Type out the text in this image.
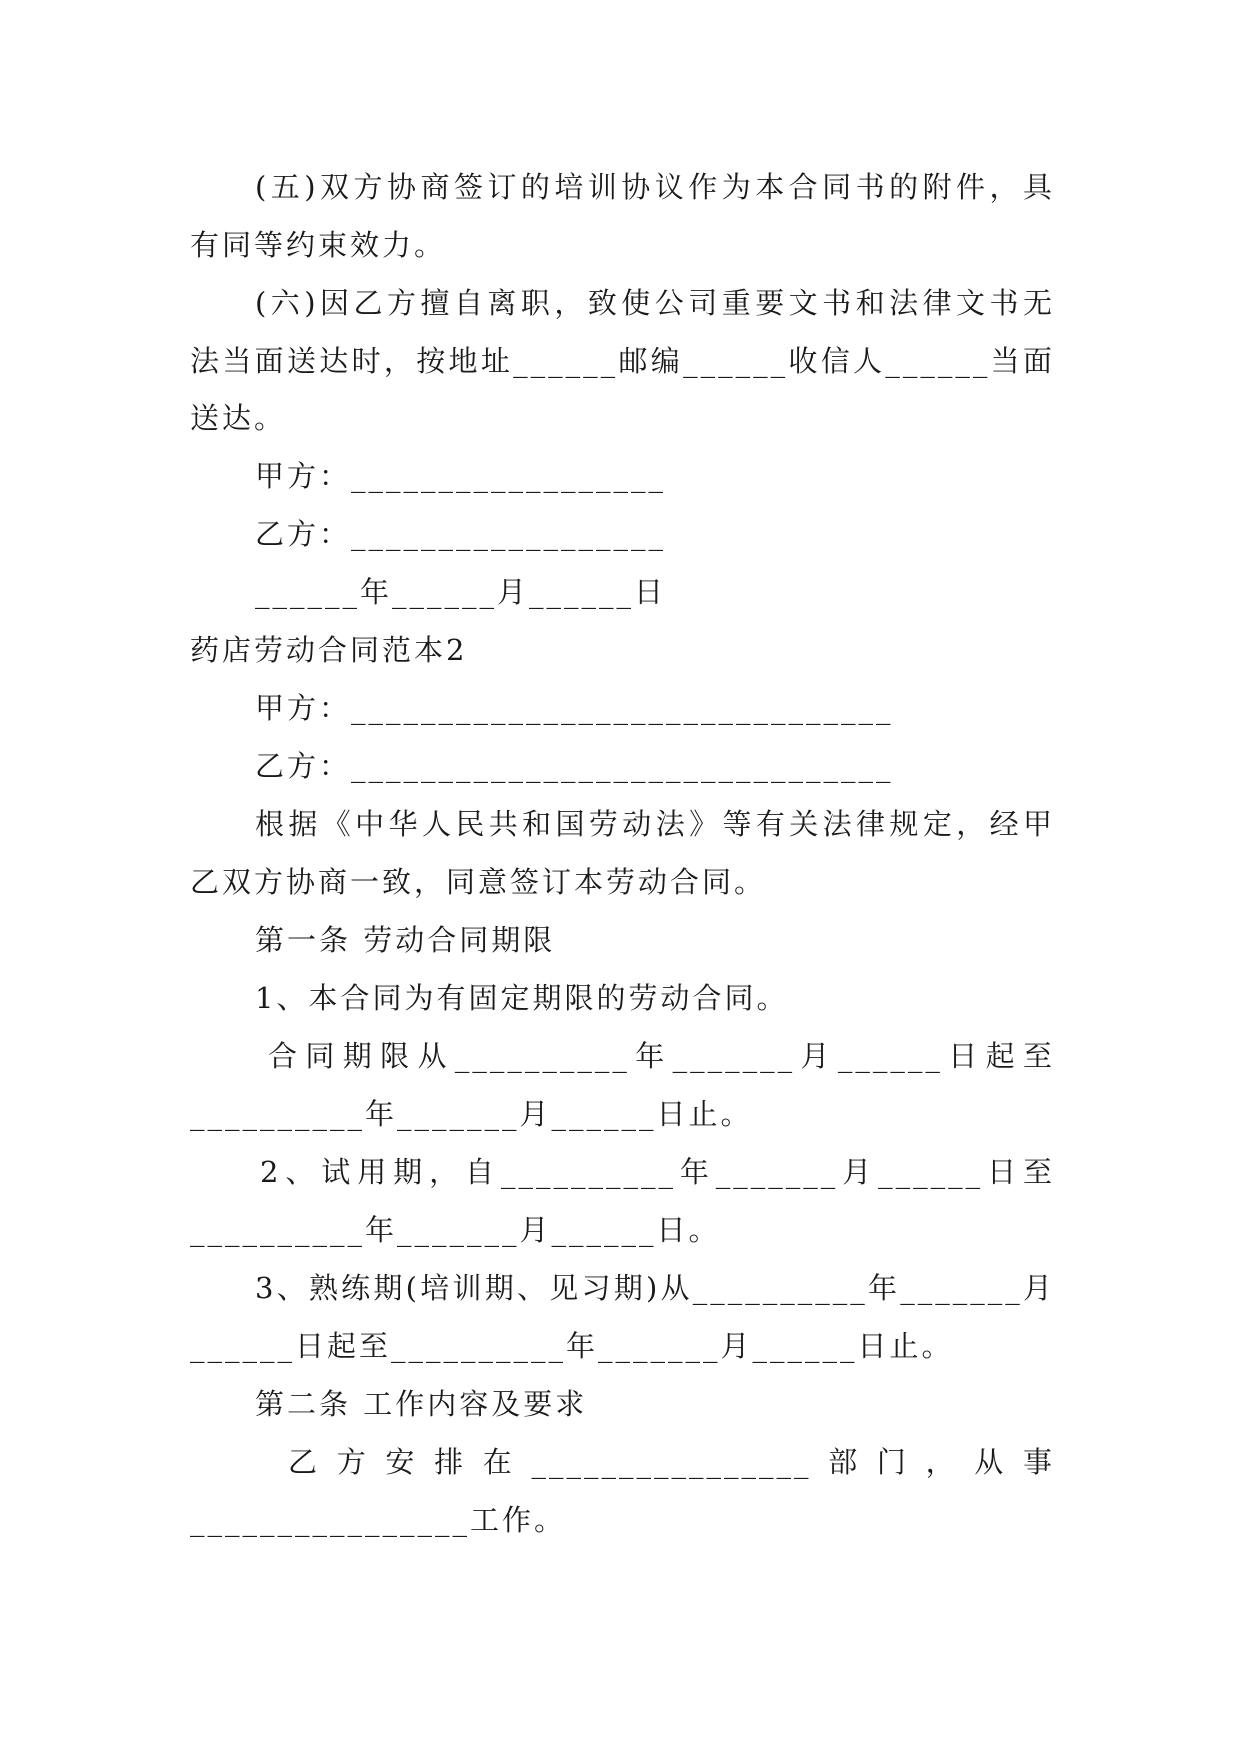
(五)双方协商签订的培训协议作为本合同书的附件，具
有同等约束效力。
(六)因乙方擅自离职，致使公司重要文书和法律文书无
法当面送达时，按地址______邮编______收信人______当面
送达。
甲方：__________________
乙方：__________________
______年______月______日
药店劳动合同范本2
甲方：_______________________________
乙方：_______________________________
根据《中华人民共和国劳动法》等有关法律规定，经甲
乙双方协商一致，同意签订本劳动合同。
第一条 劳动合同期限
1、本合同为有固定期限的劳动合同。
合同期限从__________年_______月______日起至
__________年_______月______日止。
2、试用期，自__________年_______月______日至
__________年_______月______日。
3、熟练期(培训期、见习期)从__________年_______月
______日起至__________年_______月______日止。
第二条 工作内容及要求
乙方安排在________________部门，从事
________________工作。
